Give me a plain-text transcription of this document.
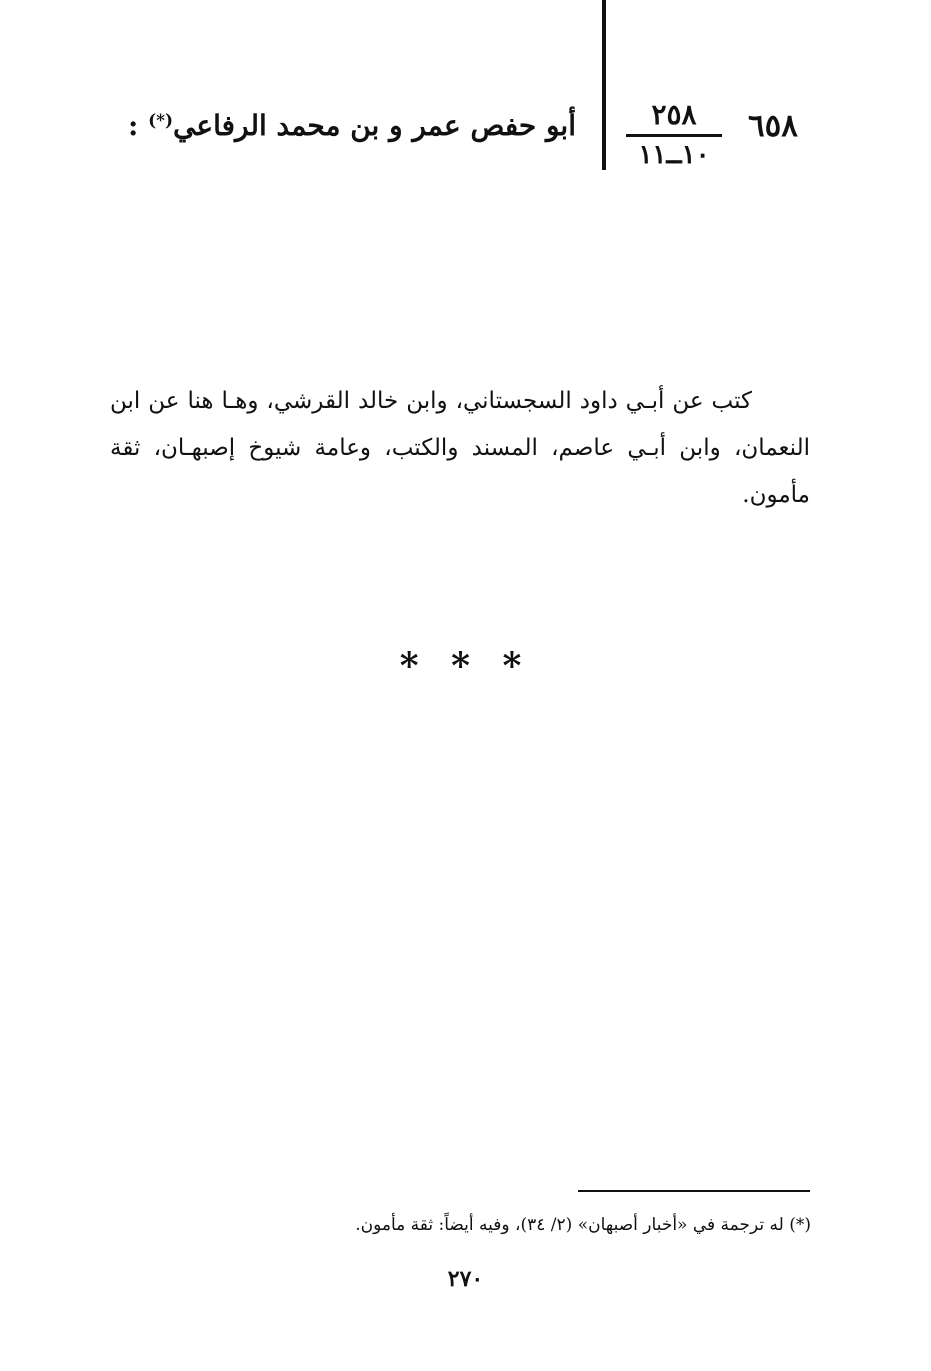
٦٥٨
٢٥٨
١٠ــ١١
أبو حفص عمر و بن محمد الرفاعي(*) :

كتب عن أبـي داود السجستاني، وابن خالد القرشي، وهـا هنا عن ابن النعمان، وابن أبـي عاصم، المسند والكتب، وعامة شيوخ إصبهـان، ثقة مأمون.

* * *
(*) له ترجمة في «أخبار أصبهان» (٢/ ٣٤)، وفيه أيضاً: ثقة مأمون.
٢٧٠
